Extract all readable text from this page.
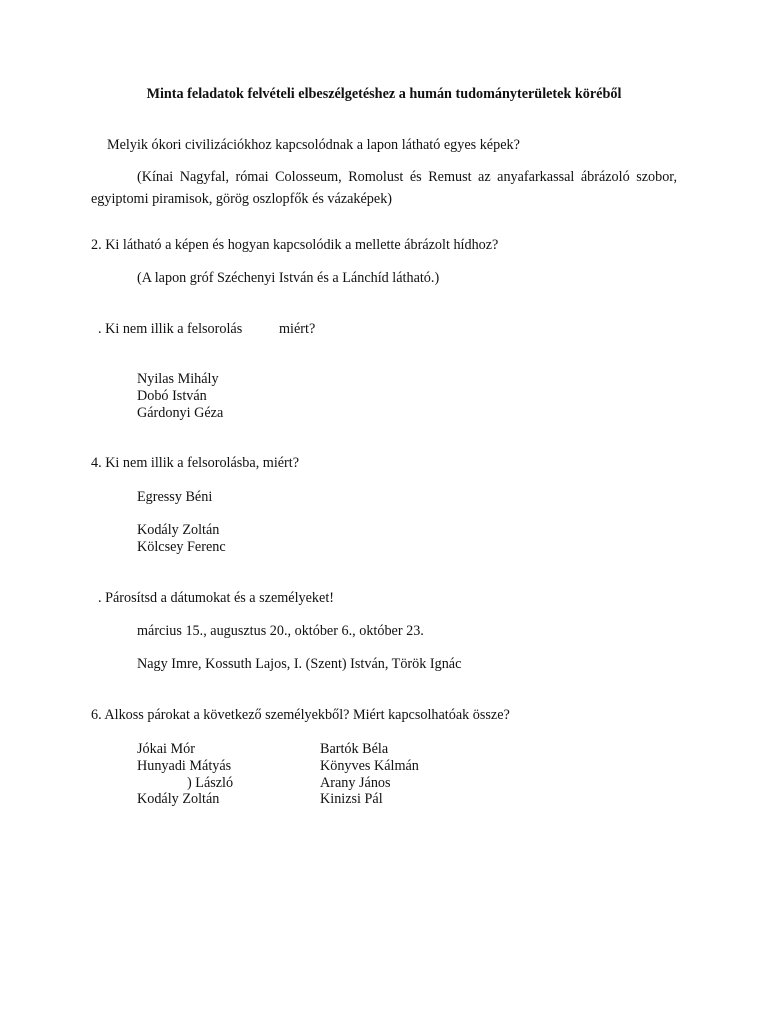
Minta feladatok felvételi elbeszélgetéshez a humán tudományterületek köréből
Melyik ókori civilizációkhoz kapcsolódnak a lapon látható egyes képek?
(Kínai Nagyfal, római Colosseum, Romolust és Remust az anyafarkassal ábrázoló szobor, egyiptomi piramisok, görög oszlopfők és vázaképek)
2. Ki látható a képen és hogyan kapcsolódik a mellette ábrázolt hídhoz?
(A lapon gróf Széchenyi István és a Lánchíd látható.)
. Ki nem illik a felsorolás	miért?
Nyilas Mihály
Dobó István
Gárdonyi Géza
4. Ki nem illik a felsorolásba, miért?
Egressy Béni
Kodály Zoltán
Kölcsey Ferenc
. Párosítsd a dátumokat és a személyeket!
március 15., augusztus 20., október 6., október 23.
Nagy Imre, Kossuth Lajos, I. (Szent) István, Török Ignác
6. Alkoss párokat a következő személyekből? Miért kapcsolhatóak össze?
Jókai Mór
Hunyadi Mátyás
) László
Kodály Zoltán
Bartók Béla
Könyves Kálmán
Arany János
Kinizsi Pál
